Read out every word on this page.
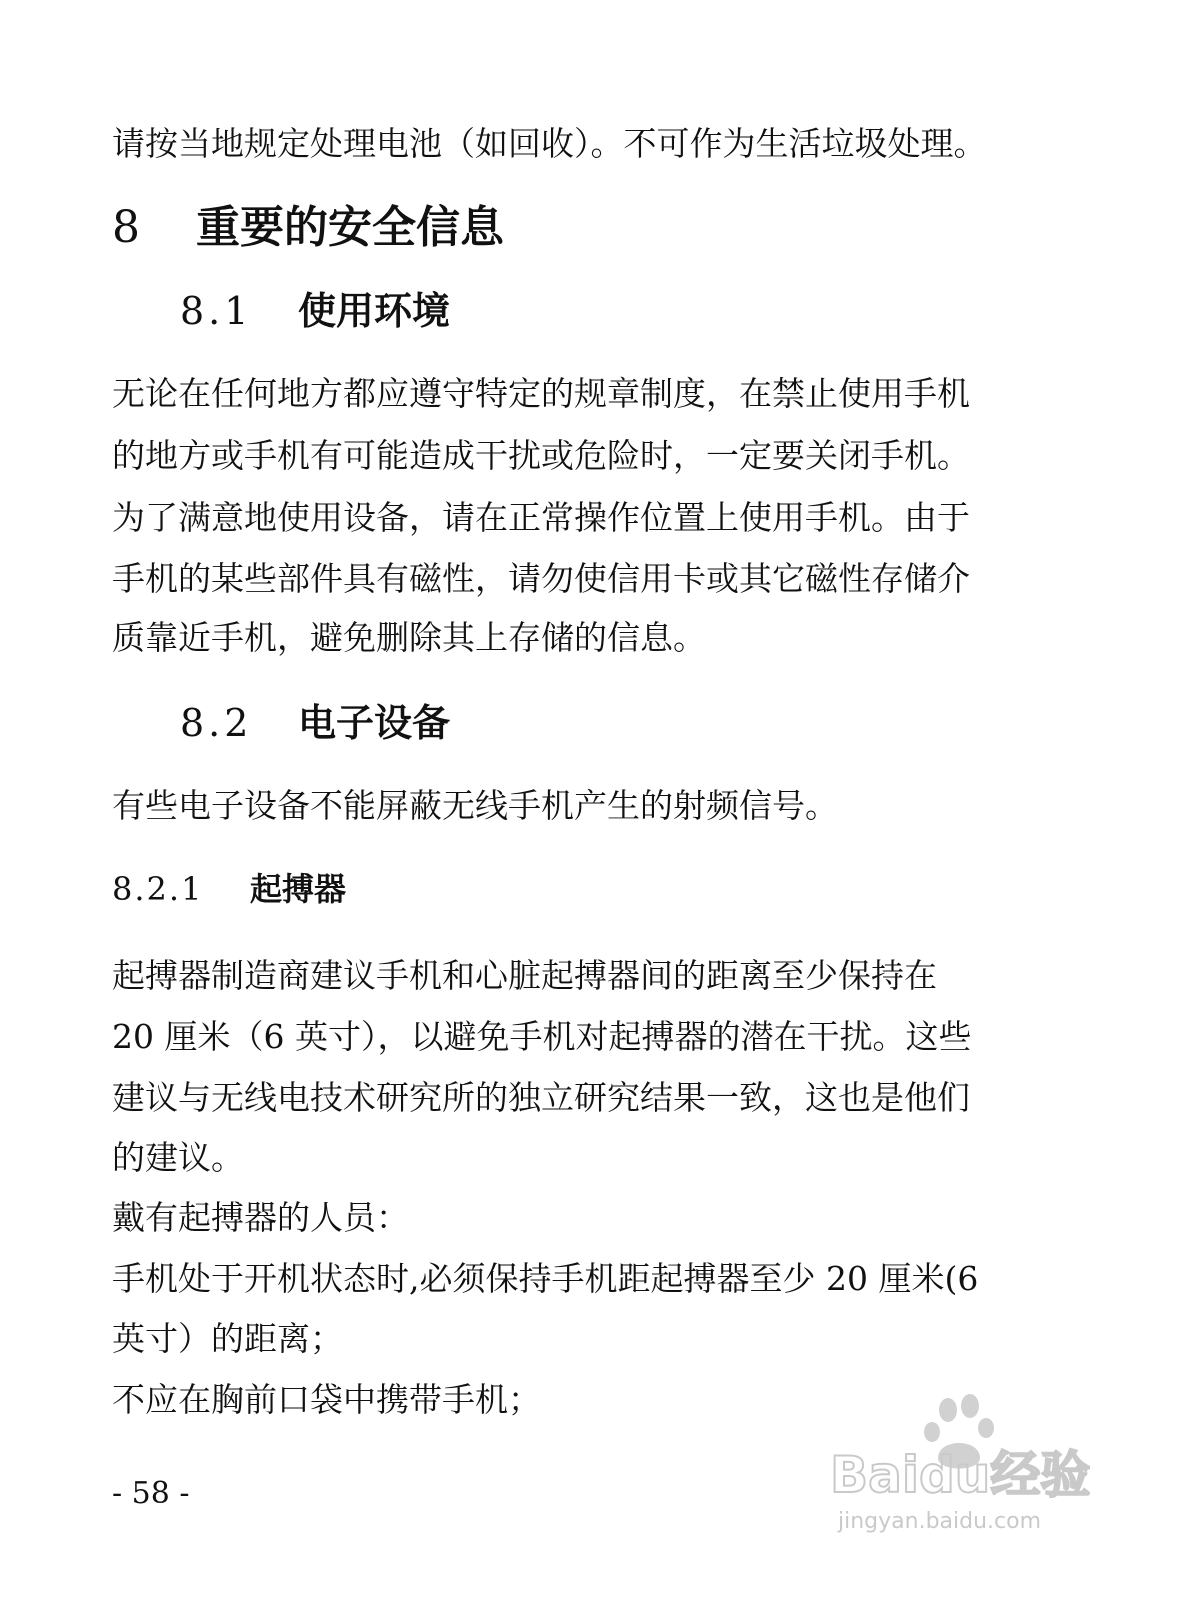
请按当地规定处理电池（如回收）。不可作为生活垃圾处理。
8 重要的安全信息
8.1 使用环境
无论在任何地方都应遵守特定的规章制度，在禁止使用手机
的地方或手机有可能造成干扰或危险时，一定要关闭手机。
为了满意地使用设备，请在正常操作位置上使用手机。由于
手机的某些部件具有磁性，请勿使信用卡或其它磁性存储介
质靠近手机，避免删除其上存储的信息。
8.2 电子设备
有些电子设备不能屏蔽无线手机产生的射频信号。
8.2.1 起搏器
起搏器制造商建议手机和心脏起搏器间的距离至少保持在
20 厘米（6 英寸），以避免手机对起搏器的潜在干扰。这些
建议与无线电技术研究所的独立研究结果一致，这也是他们
的建议。
戴有起搏器的人员：
手机处于开机状态时,必须保持手机距起搏器至少 20 厘米(6
英寸）的距离；
不应在胸前口袋中携带手机；
- 58 -	Baidu经验
jingyan.baidu.com
